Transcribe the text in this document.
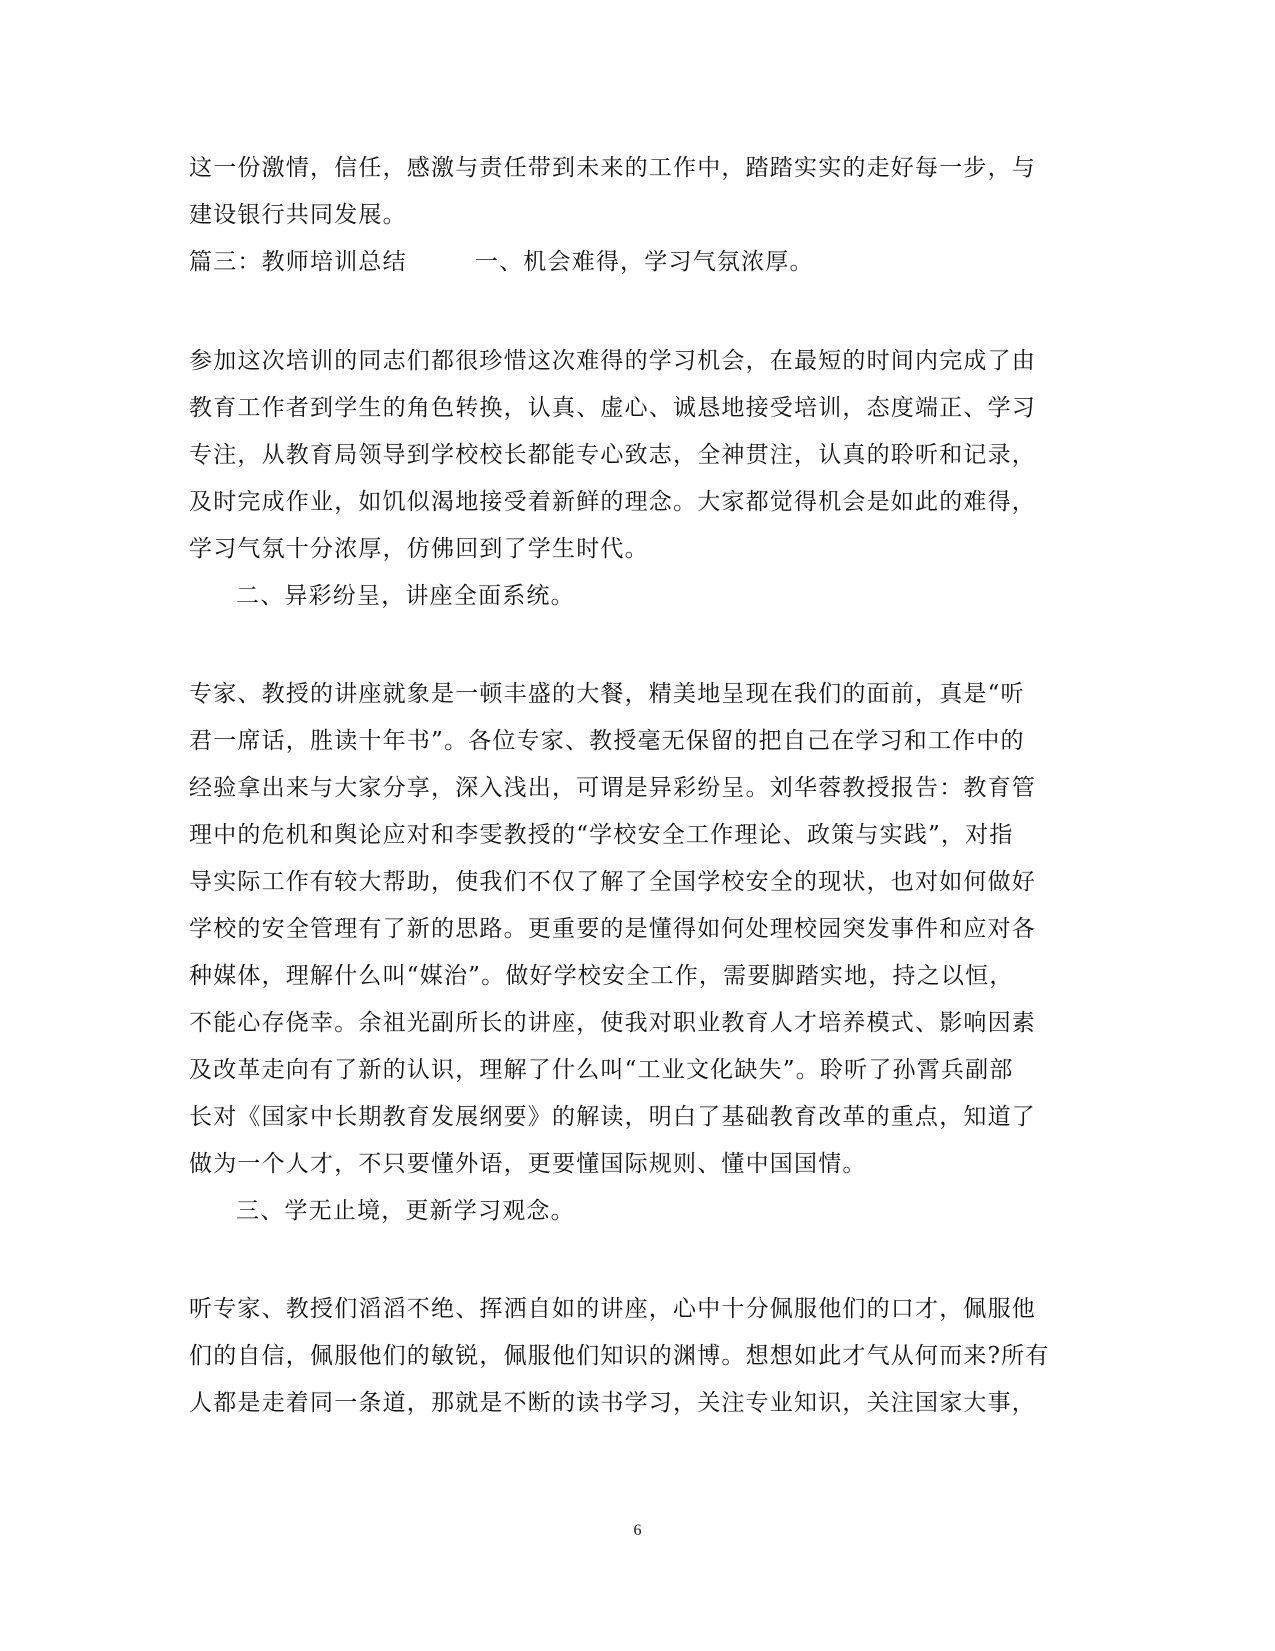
这一份激情，信任，感激与责任带到未来的工作中，踏踏实实的走好每一步，与
建设银行共同发展。
篇三：教师培训总结        一、机会难得，学习气氛浓厚。
参加这次培训的同志们都很珍惜这次难得的学习机会，在最短的时间内完成了由
教育工作者到学生的角色转换，认真、虚心、诚恳地接受培训，态度端正、学习
专注，从教育局领导到学校校长都能专心致志，全神贯注，认真的聆听和记录，
及时完成作业，如饥似渴地接受着新鲜的理念。大家都觉得机会是如此的难得，
学习气氛十分浓厚，仿佛回到了学生时代。
二、异彩纷呈，讲座全面系统。
专家、教授的讲座就象是一顿丰盛的大餐，精美地呈现在我们的面前，真是“听
君一席话，胜读十年书”。各位专家、教授毫无保留的把自己在学习和工作中的
经验拿出来与大家分享，深入浅出，可谓是异彩纷呈。刘华蓉教授报告：教育管
理中的危机和舆论应对和李雯教授的“学校安全工作理论、政策与实践”，对指
导实际工作有较大帮助，使我们不仅了解了全国学校安全的现状，也对如何做好
学校的安全管理有了新的思路。更重要的是懂得如何处理校园突发事件和应对各
种媒体，理解什么叫“媒治”。做好学校安全工作，需要脚踏实地，持之以恒，
不能心存侥幸。余祖光副所长的讲座，使我对职业教育人才培养模式、影响因素
及改革走向有了新的认识，理解了什么叫“工业文化缺失”。聆听了孙霄兵副部
长对《国家中长期教育发展纲要》的解读，明白了基础教育改革的重点，知道了
做为一个人才，不只要懂外语，更要懂国际规则、懂中国国情。
三、学无止境，更新学习观念。
听专家、教授们滔滔不绝、挥洒自如的讲座，心中十分佩服他们的口才，佩服他
们的自信，佩服他们的敏锐，佩服他们知识的渊博。想想如此才气从何而来?所有
人都是走着同一条道，那就是不断的读书学习，关注专业知识，关注国家大事，
6
